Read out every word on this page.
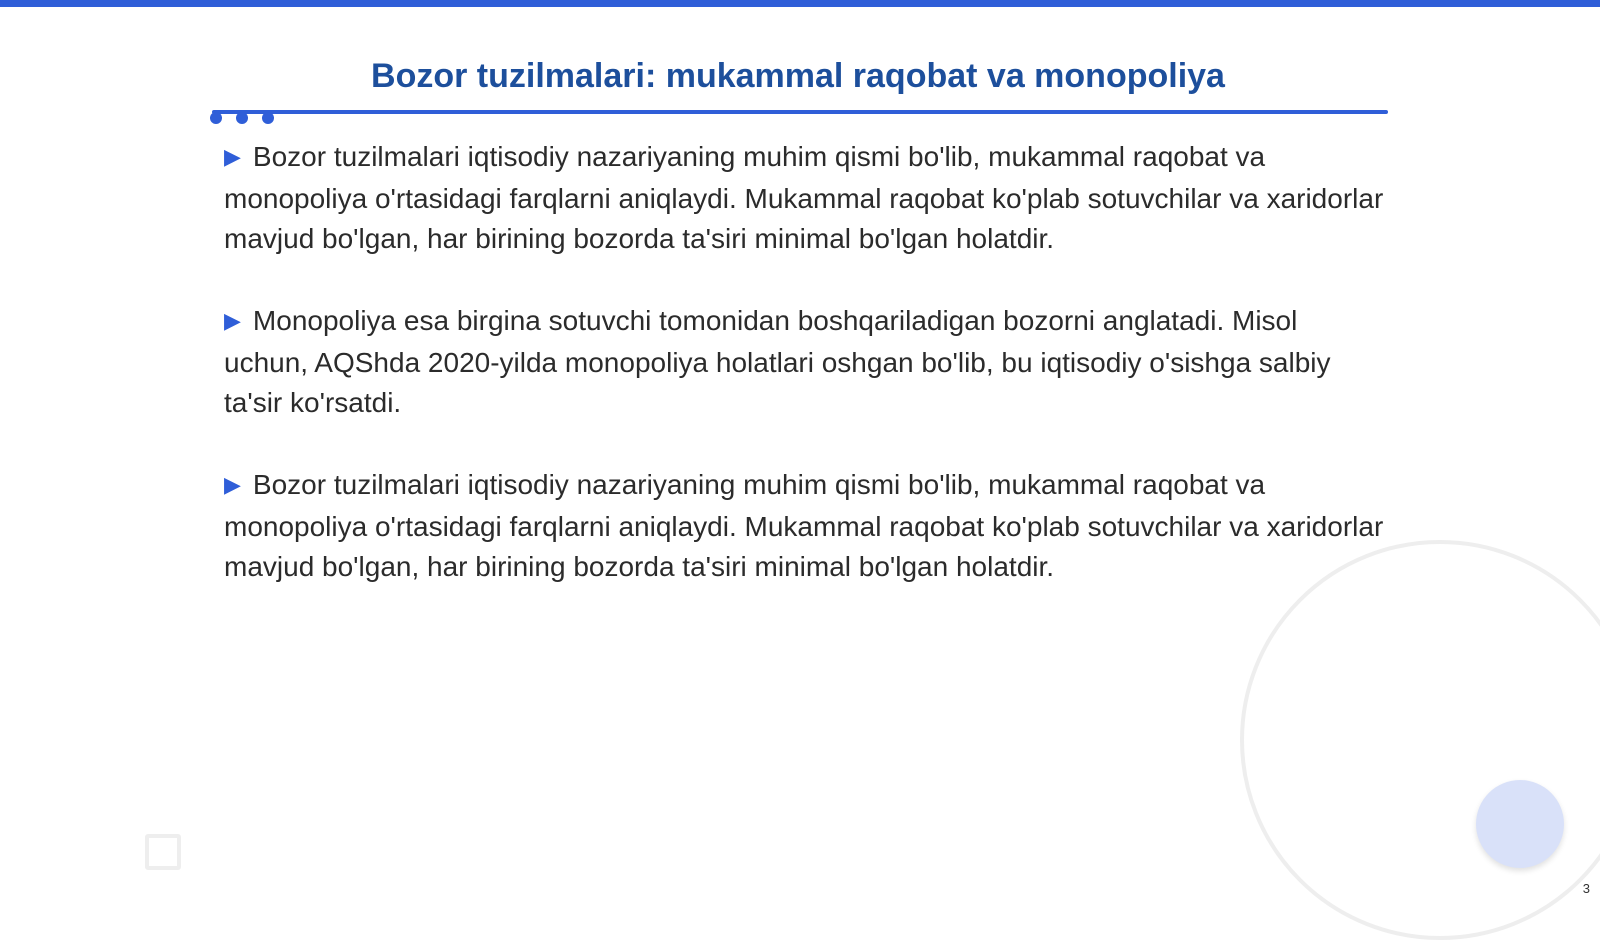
Bozor tuzilmalari: mukammal raqobat va monopoliya

▶ Bozor tuzilmalari iqtisodiy nazariyaning muhim qismi bo'lib, mukammal raqobat va monopoliya o'rtasidagi farqlarni aniqlaydi. Mukammal raqobat ko'plab sotuvchilar va xaridorlar mavjud bo'lgan, har birining bozorda ta'siri minimal bo'lgan holatdir.

▶ Monopoliya esa birgina sotuvchi tomonidan boshqariladigan bozorni anglatadi. Misol uchun, AQShda 2020-yilda monopoliya holatlari oshgan bo'lib, bu iqtisodiy o'sishga salbiy ta'sir ko'rsatdi.

▶ Bozor tuzilmalari iqtisodiy nazariyaning muhim qismi bo'lib, mukammal raqobat va monopoliya o'rtasidagi farqlarni aniqlaydi. Mukammal raqobat ko'plab sotuvchilar va xaridorlar mavjud bo'lgan, har birining bozorda ta'siri minimal bo'lgan holatdir.

3
